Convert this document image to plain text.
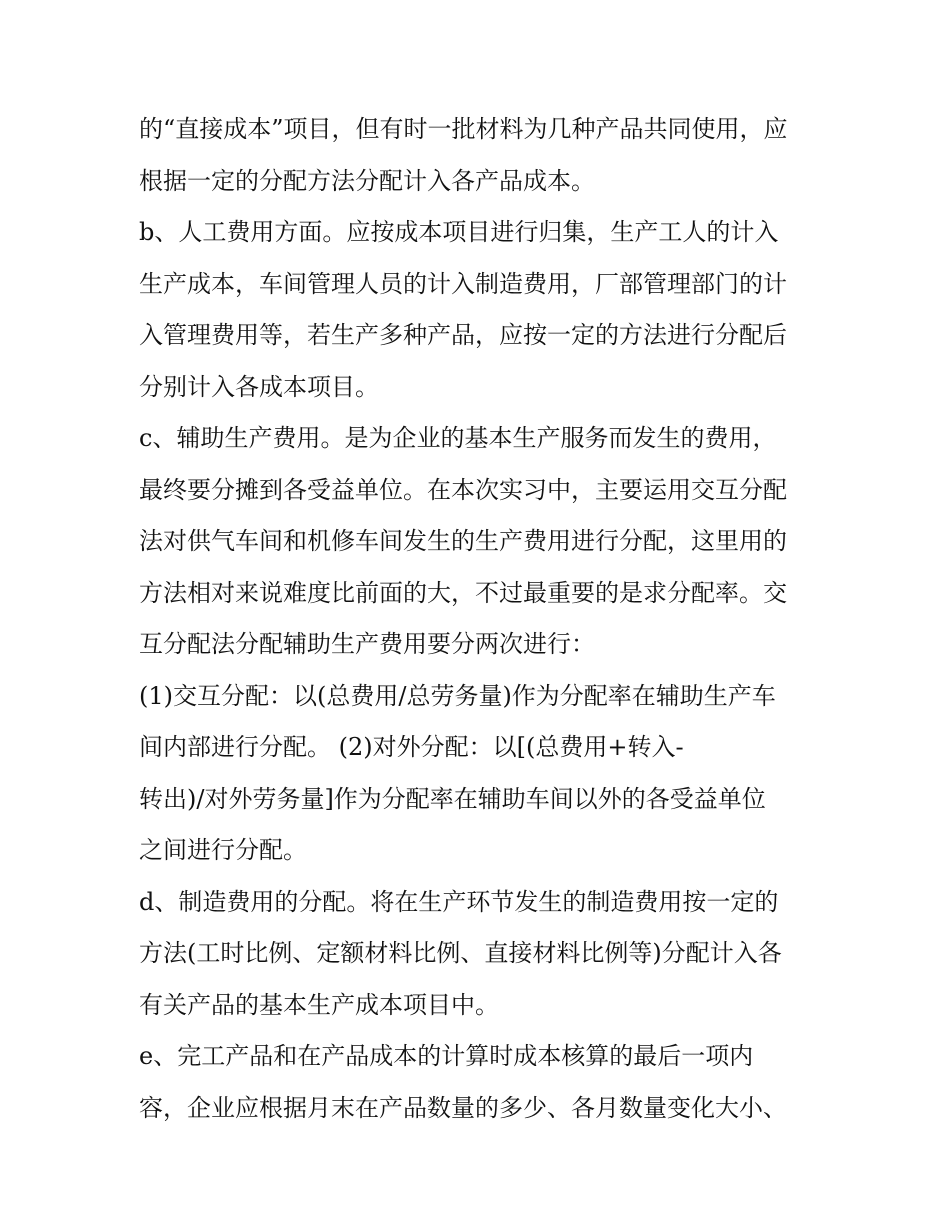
的“直接成本”项目，但有时一批材料为几种产品共同使用，应
根据一定的分配方法分配计入各产品成本。
b、人工费用方面。应按成本项目进行归集，生产工人的计入
生产成本，车间管理人员的计入制造费用，厂部管理部门的计
入管理费用等，若生产多种产品，应按一定的方法进行分配后
分别计入各成本项目。
c、辅助生产费用。是为企业的基本生产服务而发生的费用，
最终要分摊到各受益单位。在本次实习中，主要运用交互分配
法对供气车间和机修车间发生的生产费用进行分配，这里用的
方法相对来说难度比前面的大，不过最重要的是求分配率。交
互分配法分配辅助生产费用要分两次进行：
(1)交互分配：以(总费用/总劳务量)作为分配率在辅助生产车
间内部进行分配。 (2)对外分配：以[(总费用+转入-
转出)/对外劳务量]作为分配率在辅助车间以外的各受益单位
之间进行分配。
d、制造费用的分配。将在生产环节发生的制造费用按一定的
方法(工时比例、定额材料比例、直接材料比例等)分配计入各
有关产品的基本生产成本项目中。
e、完工产品和在产品成本的计算时成本核算的最后一项内
容，企业应根据月末在产品数量的多少、各月数量变化大小、
